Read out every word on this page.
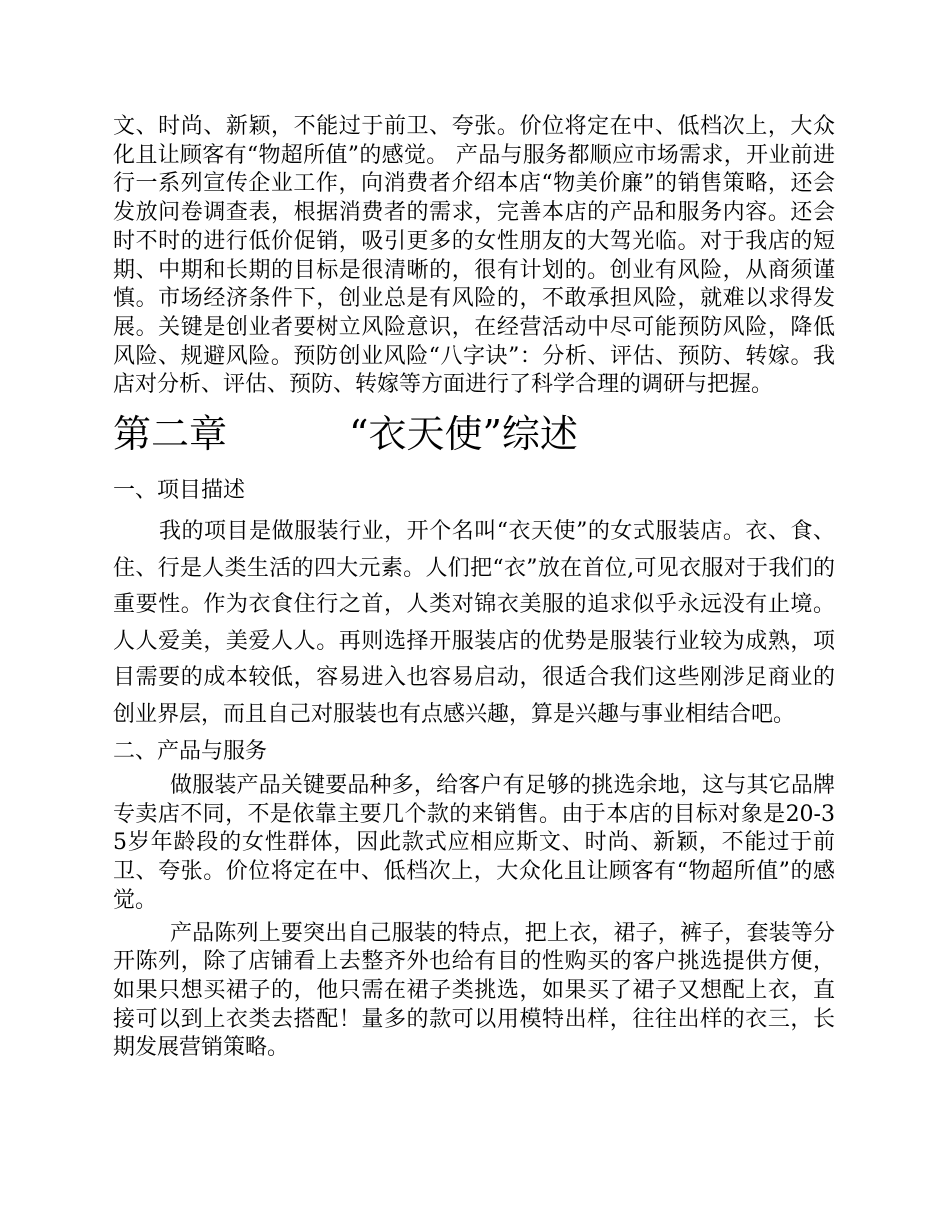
文、时尚、新颖，不能过于前卫、夸张。价位将定在中、低档次上，大众化且让顾客有“物超所值”的感觉。 产品与服务都顺应市场需求，开业前进行一系列宣传企业工作，向消费者介绍本店“物美价廉”的销售策略，还会发放问卷调查表，根据消费者的需求，完善本店的产品和服务内容。还会时不时的进行低价促销，吸引更多的女性朋友的大驾光临。对于我店的短期、中期和长期的目标是很清晰的，很有计划的。创业有风险，从商须谨慎。市场经济条件下，创业总是有风险的，不敢承担风险，就难以求得发展。关键是创业者要树立风险意识，在经营活动中尽可能预防风险，降低风险、规避风险。预防创业风险“八字诀”：分析、评估、预防、转嫁。我店对分析、评估、预防、转嫁等方面进行了科学合理的调研与把握。

第二章	“衣天使”综述
一、项目描述

我的项目是做服装行业，开个名叫“衣天使”的女式服装店。衣、食、住、行是人类生活的四大元素。人们把“衣”放在首位,可见衣服对于我们的重要性。作为衣食住行之首，人类对锦衣美服的追求似乎永远没有止境。人人爱美，美爱人人。再则选择开服装店的优势是服装行业较为成熟，项目需要的成本较低，容易进入也容易启动，很适合我们这些刚涉足商业的创业界层，而且自己对服装也有点感兴趣，算是兴趣与事业相结合吧。

二、产品与服务

做服装产品关键要品种多，给客户有足够的挑选余地，这与其它品牌专卖店不同，不是依靠主要几个款的来销售。由于本店的目标对象是20-35岁年龄段的女性群体，因此款式应相应斯文、时尚、新颖，不能过于前卫、夸张。价位将定在中、低档次上，大众化且让顾客有“物超所值”的感觉。

产品陈列上要突出自己服装的特点，把上衣，裙子，裤子，套装等分开陈列，除了店铺看上去整齐外也给有目的性购买的客户挑选提供方便，如果只想买裙子的，他只需在裙子类挑选，如果买了裙子又想配上衣，直接可以到上衣类去搭配！量多的款可以用模特出样，往往出样的衣三，长期发展营销策略。
